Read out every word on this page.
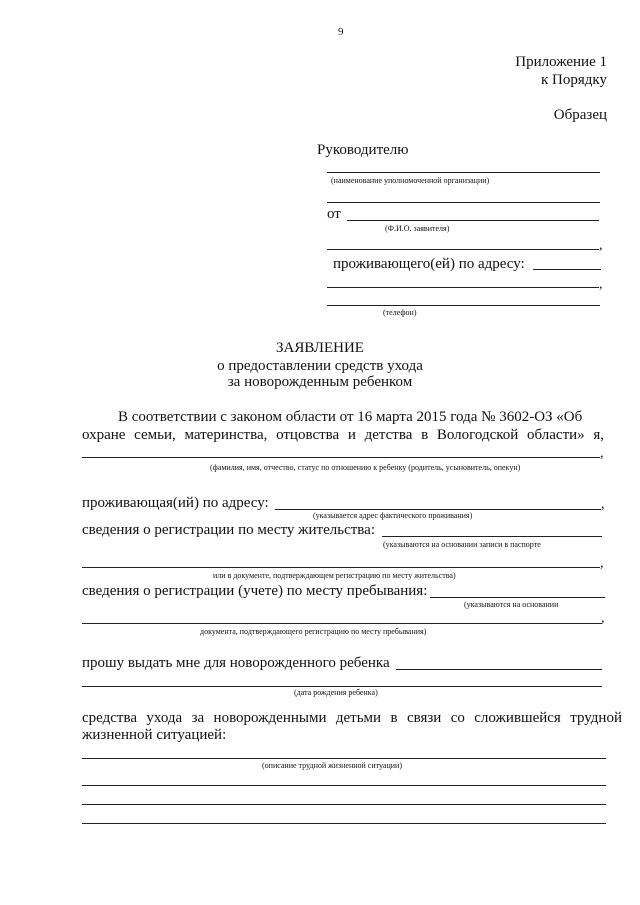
9
Приложение 1
к Порядку
Образец
Руководителю
(наименование уполномоченной организации)
от
(Ф.И.О. заявителя)
,
проживающего(ей) по адресу:
,
(телефон)
ЗАЯВЛЕНИЕ
о предоставлении средств ухода
за новорожденным ребенком
В соответствии с законом области от 16 марта 2015 года № 3602-ОЗ «Об
охране семьи, материнства, отцовства и детства в Вологодской области» я,
,
(фамилия, имя, отчество, статус по отношению к ребенку (родитель, усыновитель, опекун)
проживающая(ий) по адресу:	,
(указывается адрес фактического проживания)
сведения о регистрации по месту жительства:
(указываются на основании записи в паспорте
,
или в документе, подтверждающем регистрацию по месту жительства)
сведения о регистрации (учете) по месту пребывания:
(указываются на основании
,
документа, подтверждающего регистрацию по месту пребывания)
прошу выдать мне для новорожденного ребенка
(дата рождения ребенка)
средства ухода за новорожденными детьми в связи со сложившейся трудной
жизненной ситуацией:
(описание трудной жизненной ситуации)
